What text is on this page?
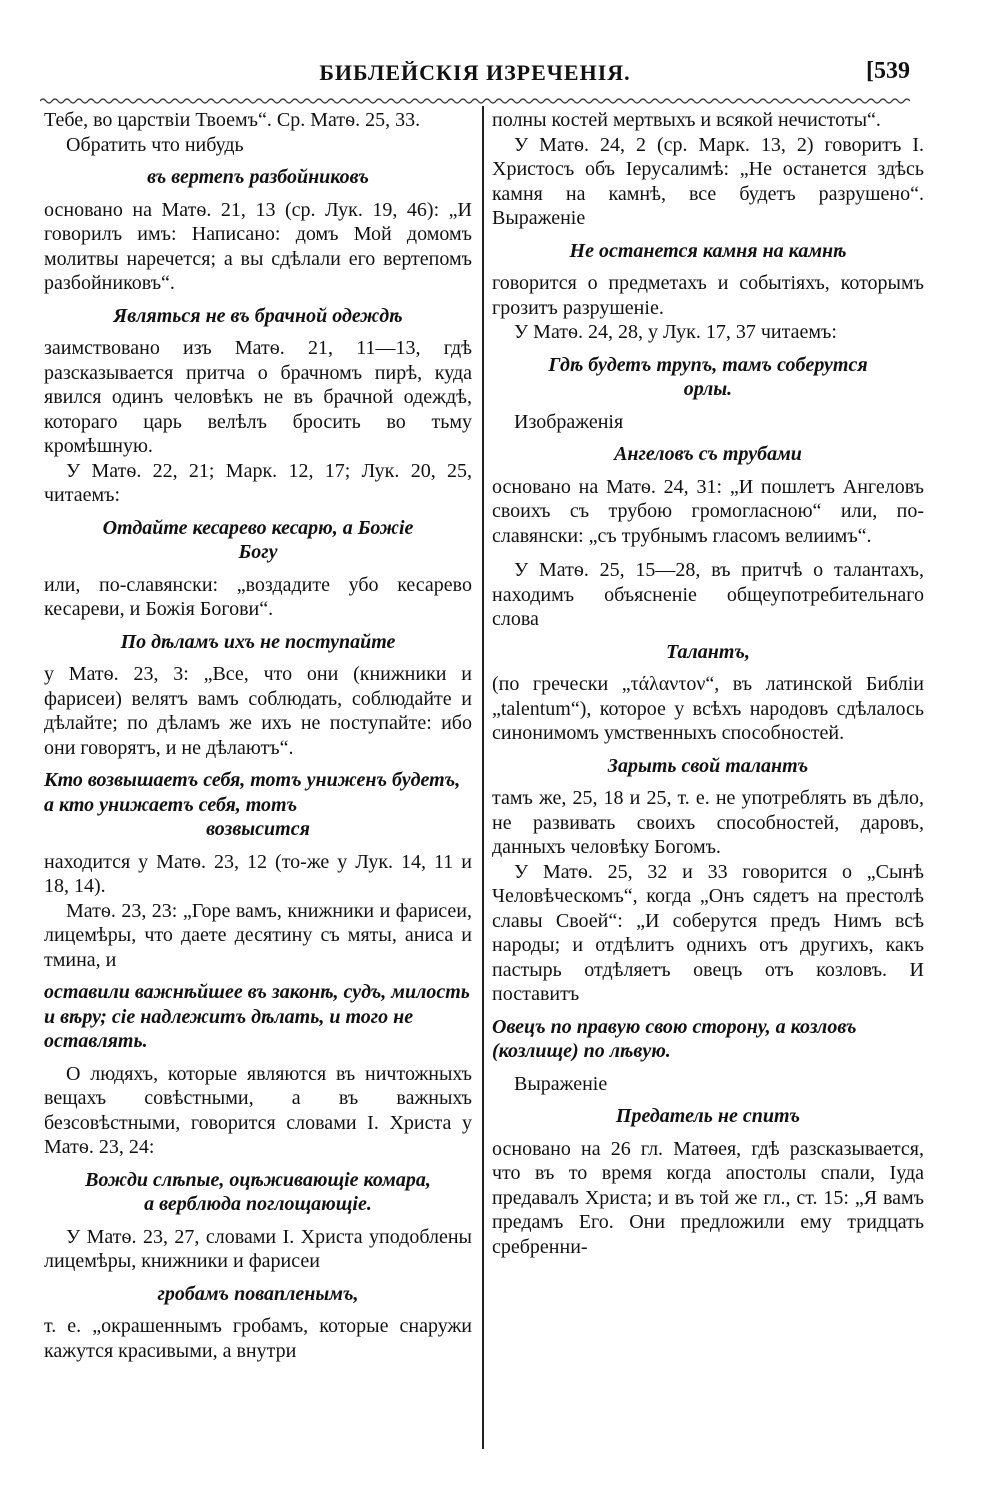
БИБЛЕЙСКІЯ ИЗРЕЧЕНІЯ.	[539

Тебе, во царствіи Твоемъ“. Ср. Матѳ. 25, 33.

Обратить что нибудь

въ вертепъ разбойниковъ

основано на Матѳ. 21, 13 (ср. Лук. 19, 46): „И говорилъ имъ: Написано: домъ Мой домомъ молитвы наречется; а вы сдѣлали его вертепомъ разбойниковъ“.

Являться не въ брачной одеждѣ

заимствовано изъ Матѳ. 21, 11—13, гдѣ разсказывается притча о брачномъ пирѣ, куда явился одинъ человѣкъ не въ брачной одеждѣ, котораго царь велѣлъ бросить во тьму кромѣшную.

У Матѳ. 22, 21; Марк. 12, 17; Лук. 20, 25, читаемъ:

Отдайте кесарево кесарю, а Божіе
Богу

или, по-славянски: „воздадите убо кесарево кесареви, и Божія Богови“.

По дѣламъ ихъ не поступайте

у Матѳ. 23, 3: „Все, что они (книжники и фарисеи) велятъ вамъ соблюдать, соблюдайте и дѣлайте; по дѣламъ же ихъ не поступайте: ибо они говорятъ, и не дѣлаютъ“.

Кто возвышаетъ себя, тотъ униженъ будетъ, а кто унижаетъ себя, тотъ
возвысится

находится у Матѳ. 23, 12 (то-же у Лук. 14, 11 и 18, 14).

Матѳ. 23, 23: „Горе вамъ, книжники и фарисеи, лицемѣры, что даете десятину съ мяты, аниса и тмина, и

оставили важнѣйшее въ законѣ, судъ, милость и вѣру; сіе надлежитъ дѣлать, и того не оставлять.

О людяхъ, которые являются въ ничтожныхъ вещахъ совѣстными, а въ важныхъ безсовѣстными, говорится словами І. Христа у Матѳ. 23, 24:

Вожди слѣпые, оцѣживающіе комара,
а верблюда поглощающіе.

У Матѳ. 23, 27, словами І. Христа уподоблены лицемѣры, книжники и фарисеи

гробамъ повапленымъ,

т. е. „окрашеннымъ гробамъ, которые снаружи кажутся красивыми, а внутри

полны костей мертвыхъ и всякой нечистоты“.

У Матѳ. 24, 2 (ср. Марк. 13, 2) говоритъ І. Христосъ объ Іерусалимѣ: „Не останется здѣсь камня на камнѣ, все будетъ разрушено“. Выраженіе

Не останется камня на камнѣ

говорится о предметахъ и событіяхъ, которымъ грозитъ разрушеніе.

У Матѳ. 24, 28, у Лук. 17, 37 читаемъ:

Гдѣ будетъ трупъ, тамъ соберутся
орлы.

Изображенія

Ангеловъ съ трубами

основано на Матѳ. 24, 31: „И пошлетъ Ангеловъ своихъ съ трубою громогласною“ или, по-славянски: „съ трубнымъ гласомъ велиимъ“.

У Матѳ. 25, 15—28, въ притчѣ о талантахъ, находимъ объясненіе общеупотребительнаго слова

Талантъ,

(по гречески „τάλαντον“, въ латинской Библіи „talentum“), которое у всѣхъ народовъ сдѣлалось синонимомъ умственныхъ способностей.

Зарыть свой талантъ

тамъ же, 25, 18 и 25, т. е. не употреблять въ дѣло, не развивать своихъ способностей, даровъ, данныхъ человѣку Богомъ.

У Матѳ. 25, 32 и 33 говорится о „Сынѣ Человѣческомъ“, когда „Онъ сядетъ на престолѣ славы Своей“: „И соберутся предъ Нимъ всѣ народы; и отдѣлитъ однихъ отъ другихъ, какъ пастырь отдѣляетъ овецъ отъ козловъ. И поставитъ

Овецъ по правую свою сторону, а козловъ (козлище) по лѣвую.

Выраженіе

Предатель не спитъ

основано на 26 гл. Матѳея, гдѣ разсказывается, что въ то время когда апостолы спали, Іуда предавалъ Христа; и въ той же гл., ст. 15: „Я вамъ предамъ Его. Они предложили ему тридцать сребренни-
